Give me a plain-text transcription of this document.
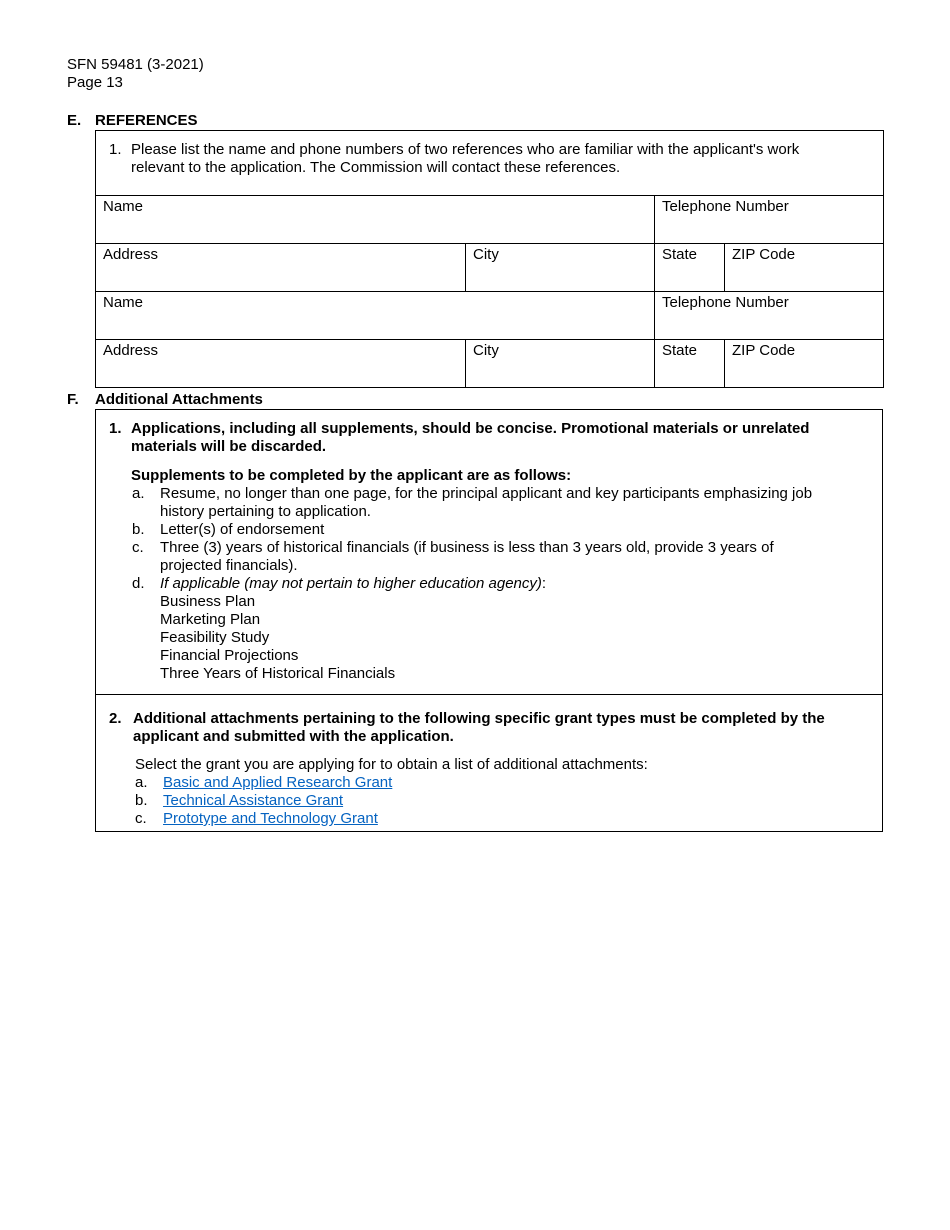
SFN 59481 (3-2021)
Page 13
E. REFERENCES
1. Please list the name and phone numbers of two references who are familiar with the applicant's work
relevant to the application. The Commission will contact these references.			

Name		Telephone Number	
Address	City	State	ZIP Code
Name		Telephone Number	
Address	City	State	ZIP Code
F. Additional Attachments
1. Applications, including all supplements, should be concise. Promotional materials or unrelated
materials will be discarded.
Supplements to be completed by the applicant are as follows:
a.	Resume, no longer than one page, for the principal applicant and key participants emphasizing job
history pertaining to application.
b.	Letter(s) of endorsement
c.	Three (3) years of historical financials (if business is less than 3 years old, provide 3 years of
projected financials).
d.	If applicable (may not pertain to higher education agency):
Business Plan
Marketing Plan
Feasibility Study
Financial Projections
Three Years of Historical Financials
2. Additional attachments pertaining to the following specific grant types must be completed by the
applicant and submitted with the application.
Select the grant you are applying for to obtain a list of additional attachments:
a.	Basic and Applied Research Grant
b.	Technical Assistance Grant
c.	Prototype and Technology Grant
